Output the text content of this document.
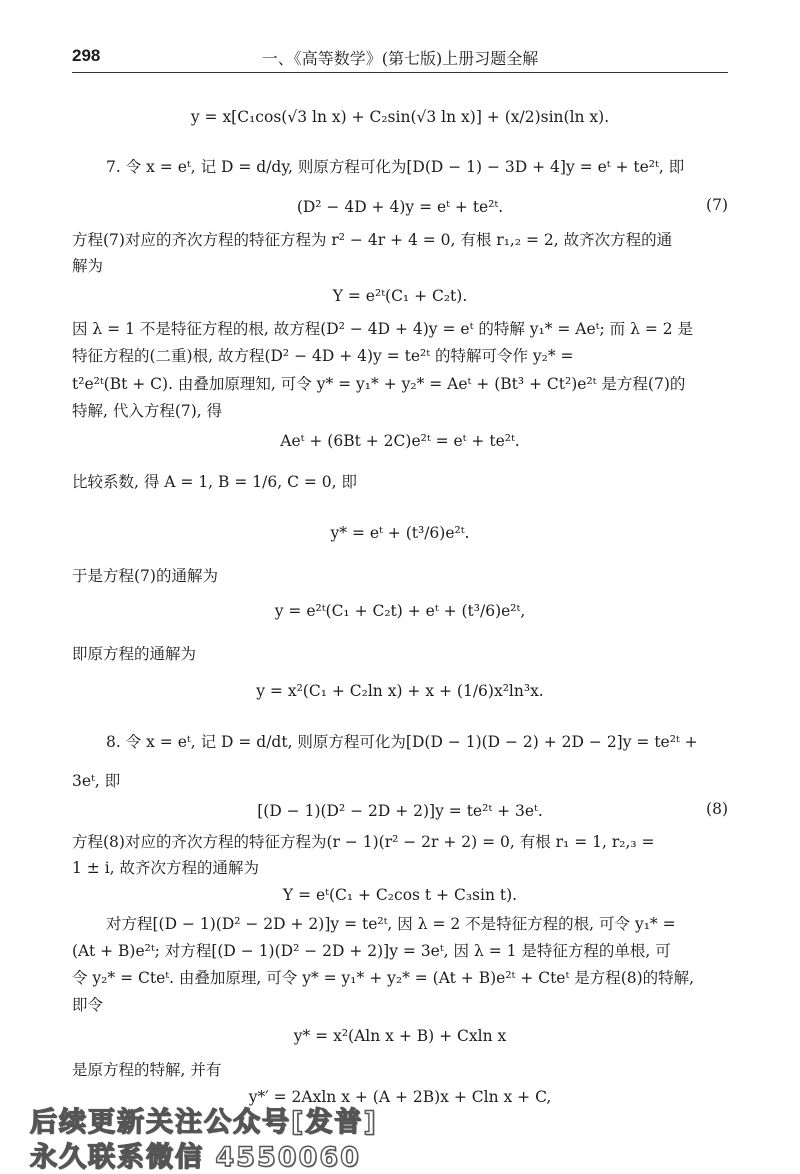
298	一、《高等数学》(第七版)上册习题全解
y = x[C₁cos(√3 ln x) + C₂sin(√3 ln x)] + (x/2)sin(ln x).
7. 令 x = eᵗ, 记 D = d/dy, 则原方程可化为[D(D − 1) − 3D + 4]y = eᵗ + te²ᵗ, 即
(D² − 4D + 4)y = eᵗ + te²ᵗ.	(7)
方程(7)对应的齐次方程的特征方程为 r² − 4r + 4 = 0, 有根 r₁,₂ = 2, 故齐次方程的通
解为
Y = e²ᵗ(C₁ + C₂t).
因 λ = 1 不是特征方程的根, 故方程(D² − 4D + 4)y = eᵗ 的特解 y₁* = Aeᵗ; 而 λ = 2 是
特征方程的(二重)根, 故方程(D² − 4D + 4)y = te²ᵗ 的特解可令作 y₂* =
t²e²ᵗ(Bt + C). 由叠加原理知, 可令 y* = y₁* + y₂* = Aeᵗ + (Bt³ + Ct²)e²ᵗ 是方程(7)的
特解, 代入方程(7), 得
Aeᵗ + (6Bt + 2C)e²ᵗ = eᵗ + te²ᵗ.
比较系数, 得 A = 1, B = 1/6, C = 0, 即
y* = eᵗ + (t³/6)e²ᵗ.
于是方程(7)的通解为
y = e²ᵗ(C₁ + C₂t) + eᵗ + (t³/6)e²ᵗ,
即原方程的通解为
y = x²(C₁ + C₂ln x) + x + (1/6)x²ln³x.
8. 令 x = eᵗ, 记 D = d/dt, 则原方程可化为[D(D − 1)(D − 2) + 2D − 2]y = te²ᵗ +
3eᵗ, 即
[(D − 1)(D² − 2D + 2)]y = te²ᵗ + 3eᵗ.	(8)
方程(8)对应的齐次方程的特征方程为(r − 1)(r² − 2r + 2) = 0, 有根 r₁ = 1, r₂,₃ =
1 ± i, 故齐次方程的通解为
Y = eᵗ(C₁ + C₂cos t + C₃sin t).
对方程[(D − 1)(D² − 2D + 2)]y = te²ᵗ, 因 λ = 2 不是特征方程的根, 可令 y₁* =
(At + B)e²ᵗ; 对方程[(D − 1)(D² − 2D + 2)]y = 3eᵗ, 因 λ = 1 是特征方程的单根, 可
令 y₂* = Cteᵗ. 由叠加原理, 可令 y* = y₁* + y₂* = (At + B)e²ᵗ + Cteᵗ 是方程(8)的特解,
即令
y* = x²(Aln x + B) + Cxln x
是原方程的特解, 并有
y*′ = 2Axln x + (A + 2B)x + Cln x + C,
后续更新关注公众号[发普]
永久联系微信 4550060
